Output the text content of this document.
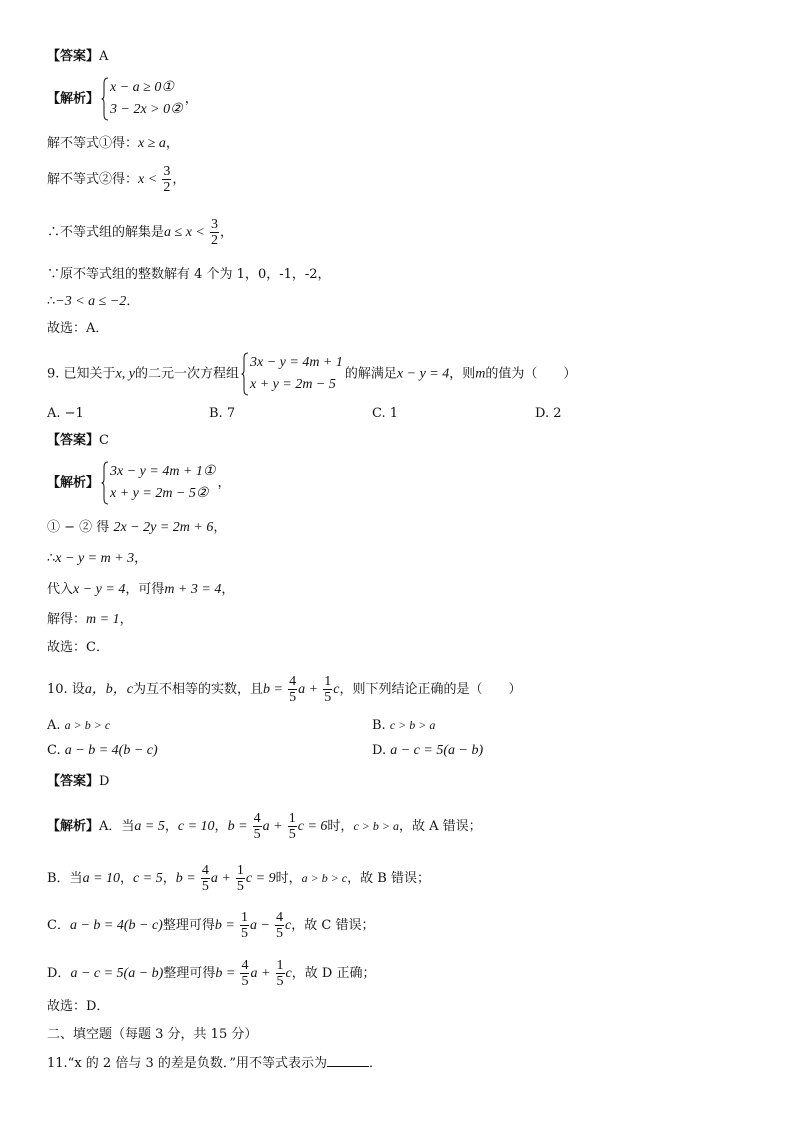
【答案】A
【解析】
x − a ≥ 0①
3 − 2x > 0②
，
解不等式①得：x ≥ a，
解不等式②得：$x < \frac{3}{2}$ ，
∴不等式组的解集是$a \le x < \frac{3}{2}$ ，
∵原不等式组的整数解有 4 个为 1，0，-1，-2，
∴−3 < a ≤ −2．
故选：A．
9. 已知关于x, y的二元一次方程组
3x − y = 4m + 1
x + y = 2m − 5
的解满足x − y = 4，则m的值为（　　）
A. −1	B. 7	C. 1	D. 2
【答案】C
【解析】
3x − y = 4m + 1①
x + y = 2m − 5②
，
① − ② 得 2x − 2y = 2m + 6，
∴x − y = m + 3，
代入x − y = 4，可得m + 3 = 4，
解得：m = 1，
故选：C．
10. 设a，b，c为互不相等的实数，且$b = \frac{4}{5}$ $a + \frac{1}{5}$ c，则下列结论正确的是（　　）
A. a > b > c	B. c > b > a
C. a − b = 4(b − c)	D. a − c = 5(a − b)
【答案】D
【解析】A．当a = 5，c = 10，$b = \frac{4}{5}$ $a + \frac{1}{5}$ c = 6时，c > b > a，故 A 错误；
B．当a = 10，c = 5，$b = \frac{4}{5}$ $a + \frac{1}{5}$ c = 9时，a > b > c，故 B 错误；
C．a − b = 4(b − c)整理可得$b = \frac{1}{5}$ $a - \frac{4}{5}$ c，故 C 错误；
D．a − c = 5(a − b)整理可得$b = \frac{4}{5}$ $a + \frac{1}{5}$ c，故 D 正确；
故选：D．
二、填空题（每题 3 分，共 15 分）
11.“x 的 2 倍与 3 的差是负数．”用不等式表示为	．
